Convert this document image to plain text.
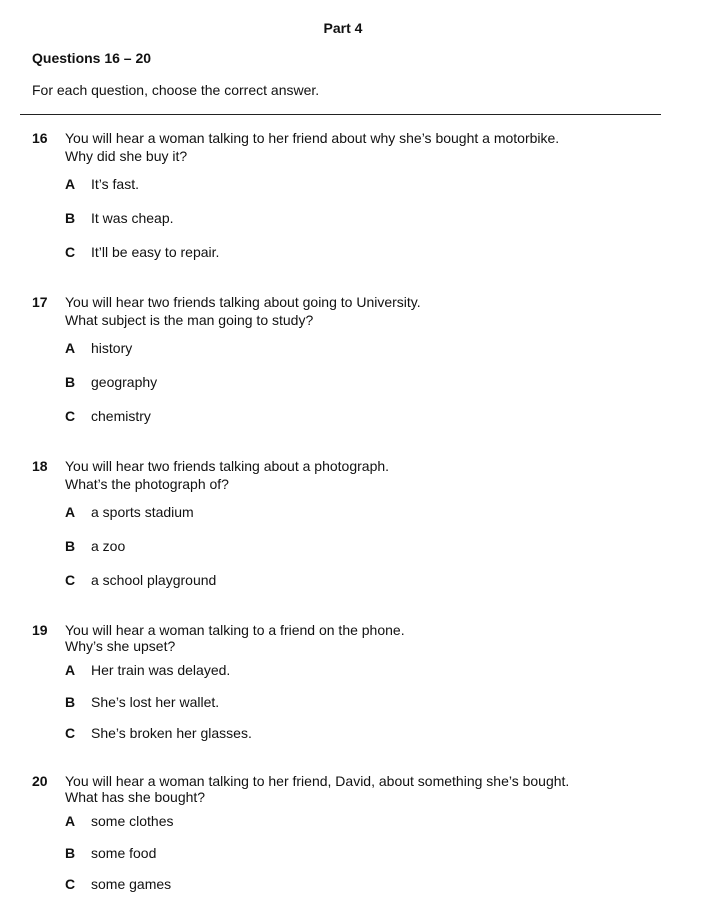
Part 4
Questions 16 – 20
For each question, choose the correct answer.
16 You will hear a woman talking to her friend about why she’s bought a motorbike.
Why did she buy it?
A It’s fast.
B It was cheap.
C It’ll be easy to repair.
17 You will hear two friends talking about going to University.
What subject is the man going to study?
A history
B geography
C chemistry
18 You will hear two friends talking about a photograph.
What’s the photograph of?
A a sports stadium
B a zoo
C a school playground
19 You will hear a woman talking to a friend on the phone.
Why’s she upset?
A Her train was delayed.
B She’s lost her wallet.
C She’s broken her glasses.
20 You will hear a woman talking to her friend, David, about something she’s bought.
What has she bought?
A some clothes
B some food
C some games
